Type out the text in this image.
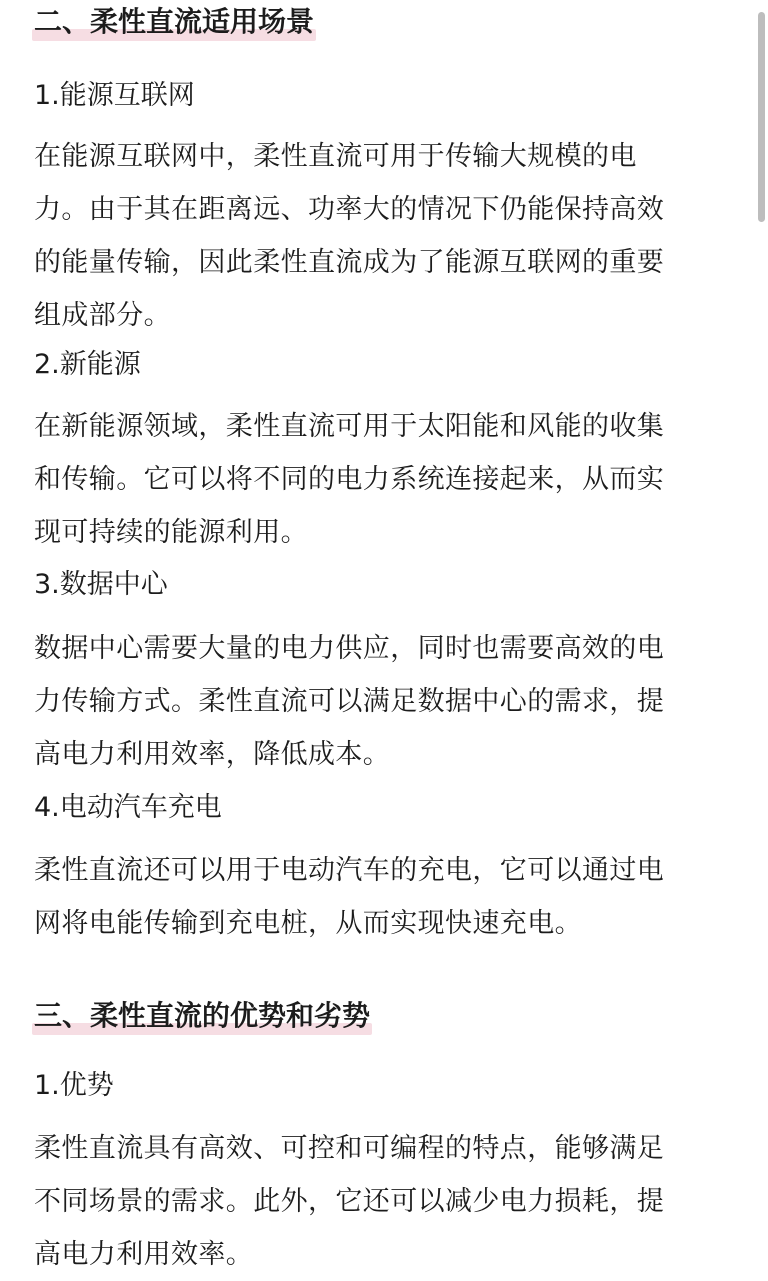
二、柔性直流适用场景
1.能源互联网

在能源互联网中，柔性直流可用于传输大规模的电

力。由于其在距离远、功率大的情况下仍能保持高效

的能量传输，因此柔性直流成为了能源互联网的重要

组成部分。

2.新能源

在新能源领域，柔性直流可用于太阳能和风能的收集

和传输。它可以将不同的电力系统连接起来，从而实

现可持续的能源利用。

3.数据中心

数据中心需要大量的电力供应，同时也需要高效的电

力传输方式。柔性直流可以满足数据中心的需求，提

高电力利用效率，降低成本。

4.电动汽车充电

柔性直流还可以用于电动汽车的充电，它可以通过电

网将电能传输到充电桩，从而实现快速充电。

三、柔性直流的优势和劣势
1.优势

柔性直流具有高效、可控和可编程的特点，能够满足

不同场景的需求。此外，它还可以减少电力损耗，提

高电力利用效率。
